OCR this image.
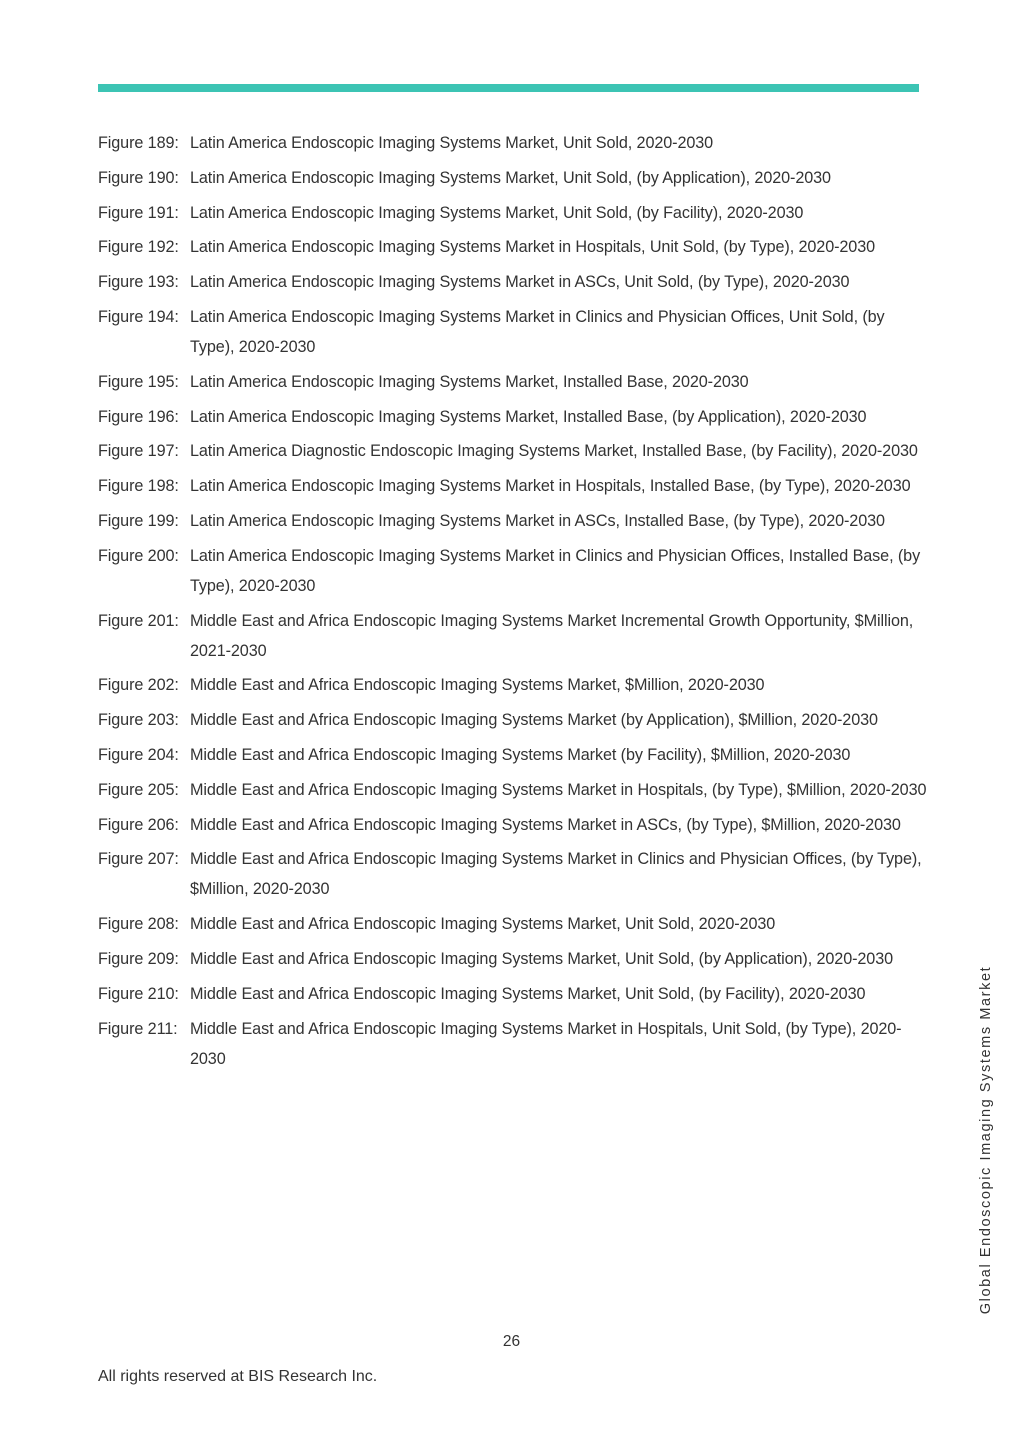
Figure 189: Latin America Endoscopic Imaging Systems Market, Unit Sold, 2020-2030
Figure 190: Latin America Endoscopic Imaging Systems Market, Unit Sold, (by Application), 2020-2030
Figure 191: Latin America Endoscopic Imaging Systems Market, Unit Sold, (by Facility), 2020-2030
Figure 192: Latin America Endoscopic Imaging Systems Market in Hospitals, Unit Sold, (by Type), 2020-2030
Figure 193: Latin America Endoscopic Imaging Systems Market in ASCs, Unit Sold, (by Type), 2020-2030
Figure 194: Latin America Endoscopic Imaging Systems Market in Clinics and Physician Offices, Unit Sold, (by Type), 2020-2030
Figure 195: Latin America Endoscopic Imaging Systems Market, Installed Base, 2020-2030
Figure 196: Latin America Endoscopic Imaging Systems Market, Installed Base, (by Application), 2020-2030
Figure 197: Latin America Diagnostic Endoscopic Imaging Systems Market, Installed Base, (by Facility), 2020-2030
Figure 198: Latin America Endoscopic Imaging Systems Market in Hospitals, Installed Base, (by Type), 2020-2030
Figure 199: Latin America Endoscopic Imaging Systems Market in ASCs, Installed Base, (by Type), 2020-2030
Figure 200: Latin America Endoscopic Imaging Systems Market in Clinics and Physician Offices, Installed Base, (by Type), 2020-2030
Figure 201: Middle East and Africa Endoscopic Imaging Systems Market Incremental Growth Opportunity, $Million, 2021-2030
Figure 202: Middle East and Africa Endoscopic Imaging Systems Market, $Million, 2020-2030
Figure 203: Middle East and Africa Endoscopic Imaging Systems Market (by Application), $Million, 2020-2030
Figure 204: Middle East and Africa Endoscopic Imaging Systems Market (by Facility), $Million, 2020-2030
Figure 205: Middle East and Africa Endoscopic Imaging Systems Market in Hospitals, (by Type), $Million, 2020-2030
Figure 206: Middle East and Africa Endoscopic Imaging Systems Market in ASCs, (by Type), $Million, 2020-2030
Figure 207: Middle East and Africa Endoscopic Imaging Systems Market in Clinics and Physician Offices, (by Type), $Million, 2020-2030
Figure 208: Middle East and Africa Endoscopic Imaging Systems Market, Unit Sold, 2020-2030
Figure 209: Middle East and Africa Endoscopic Imaging Systems Market, Unit Sold, (by Application), 2020-2030
Figure 210: Middle East and Africa Endoscopic Imaging Systems Market, Unit Sold, (by Facility), 2020-2030
Figure 211: Middle East and Africa Endoscopic Imaging Systems Market in Hospitals, Unit Sold, (by Type), 2020-2030
26
All rights reserved at BIS Research Inc.
Global Endoscopic Imaging Systems Market
